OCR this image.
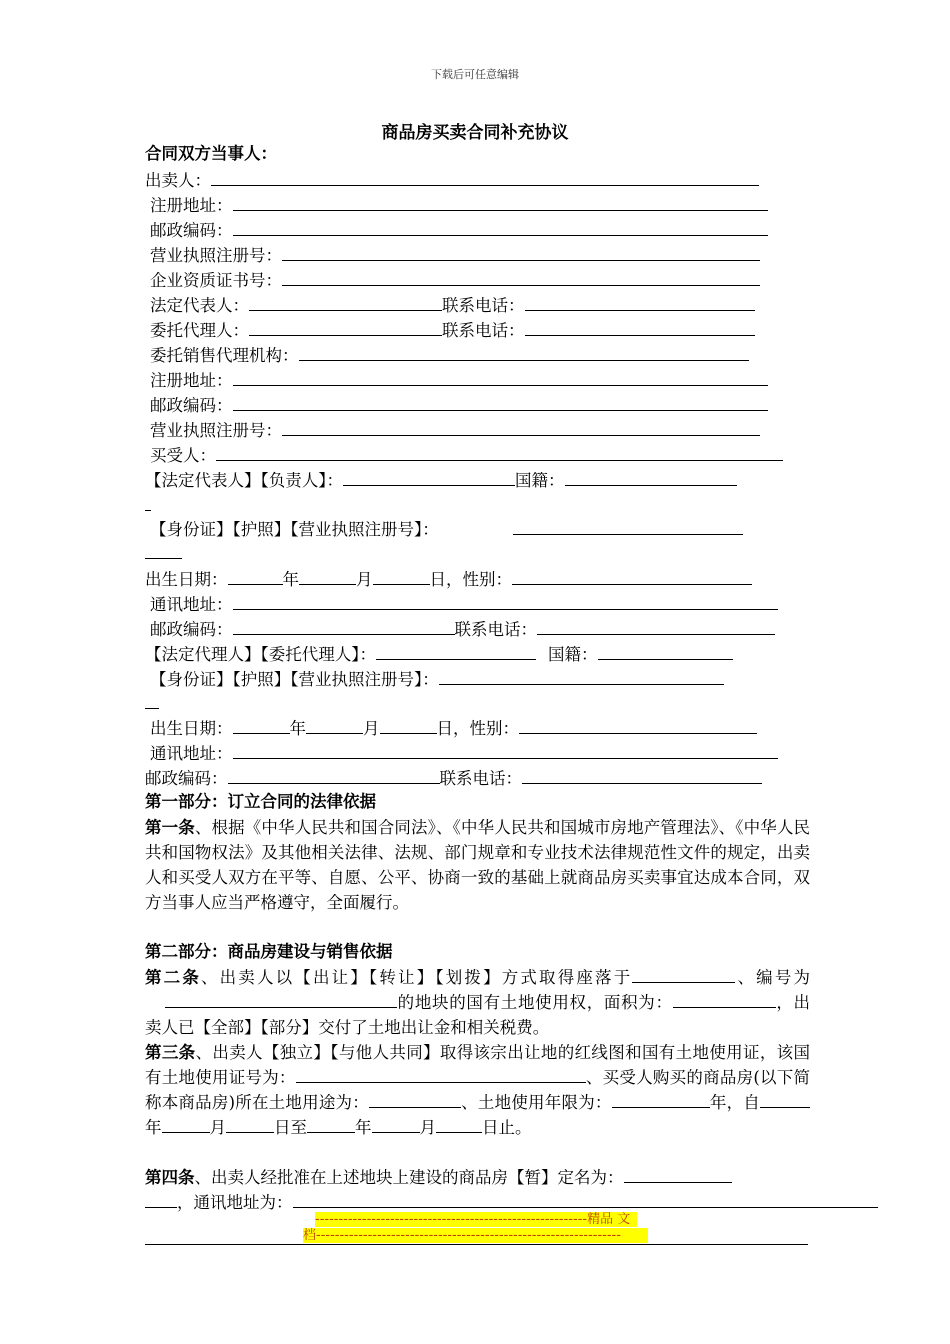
下载后可任意编辑
商品房买卖合同补充协议
合同双方当事人：
出卖人：
注册地址：
邮政编码：
营业执照注册号：
企业资质证书号：
法定代表人：	联系电话：
委托代理人：	联系电话：
委托销售代理机构：
注册地址：
邮政编码：
营业执照注册号：
买受人：
【法定代表人】【负责人】：	国籍：
【身份证】【护照】【营业执照注册号】：
出生日期：	年	月	日，性别：
通讯地址：
邮政编码：	联系电话：
【法定代理人】【委托代理人】：	国籍：
【身份证】【护照】【营业执照注册号】：
出生日期：	年	月	日，性别：
通讯地址：
邮政编码：	联系电话：
第一部分：订立合同的法律依据
第一条、根据《中华人民共和国合同法》、《中华人民共和国城市房地产管理法》、《中华人民共和国物权法》及其他相关法律、法规、部门规章和专业技术法律规范性文件的规定，出卖人和买受人双方在平等、自愿、公平、协商一致的基础上就商品房买卖事宜达成本合同，双方当事人应当严格遵守，全面履行。
第二部分：商品房建设与销售依据
第二条、出卖人以【出让】【转让】【划拨】方式取得座落于	、编号为的地块的国有土地使用权，面积为：	，出卖人已【全部】【部分】交付了土地出让金和相关税费。
第三条、出卖人【独立】【与他人共同】取得该宗出让地的红线图和国有土地使用证，该国有土地使用证号为：	、买受人购买的商品房(以下简称本商品房)所在土地用途为：	、土地使用年限为：	年，自年	月	日至	年	月	日止。
第四条、出卖人经批准在上述地块上建设的商品房【暂】定名为：
，通讯地址为：
----------------------------------------------------------精品 文
档-----------------------------------------------------------------
